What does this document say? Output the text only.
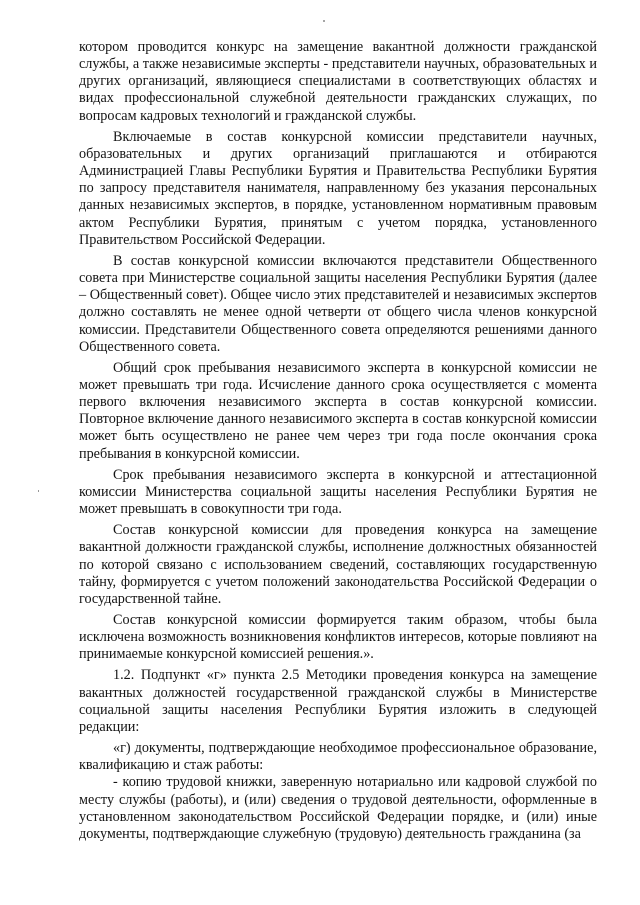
котором проводится конкурс на замещение вакантной должности гражданской службы, а также независимые эксперты - представители научных, образовательных и других организаций, являющиеся специалистами в соответствующих областях и видах профессиональной служебной деятельности гражданских служащих, по вопросам кадровых технологий и гражданской службы.

Включаемые в состав конкурсной комиссии представители научных, образовательных и других организаций приглашаются и отбираются Администрацией Главы Республики Бурятия и Правительства Республики Бурятия по запросу представителя нанимателя, направленному без указания персональных данных независимых экспертов, в порядке, установленном нормативным правовым актом Республики Бурятия, принятым с учетом порядка, установленного Правительством Российской Федерации.

В состав конкурсной комиссии включаются представители Общественного совета при Министерстве социальной защиты населения Республики Бурятия (далее – Общественный совет). Общее число этих представителей и независимых экспертов должно составлять не менее одной четверти от общего числа членов конкурсной комиссии. Представители Общественного совета определяются решениями данного Общественного совета.

Общий срок пребывания независимого эксперта в конкурсной комиссии не может превышать три года. Исчисление данного срока осуществляется с момента первого включения независимого эксперта в состав конкурсной комиссии. Повторное включение данного независимого эксперта в состав конкурсной комиссии может быть осуществлено не ранее чем через три года после окончания срока пребывания в конкурсной комиссии.

Срок пребывания независимого эксперта в конкурсной и аттестационной комиссии Министерства социальной защиты населения Республики Бурятия не может превышать в совокупности три года.

Состав конкурсной комиссии для проведения конкурса на замещение вакантной должности гражданской службы, исполнение должностных обязанностей по которой связано с использованием сведений, составляющих государственную тайну, формируется с учетом положений законодательства Российской Федерации о государственной тайне.

Состав конкурсной комиссии формируется таким образом, чтобы была исключена возможность возникновения конфликтов интересов, которые повлияют на принимаемые конкурсной комиссией решения.».

1.2. Подпункт «г» пункта 2.5 Методики проведения конкурса на замещение вакантных должностей государственной гражданской службы в Министерстве социальной защиты населения Республики Бурятия изложить в следующей редакции:

«г) документы, подтверждающие необходимое профессиональное образование, квалификацию и стаж работы:

- копию трудовой книжки, заверенную нотариально или кадровой службой по месту службы (работы), и (или) сведения о трудовой деятельности, оформленные в установленном законодательством Российской Федерации порядке, и (или) иные документы, подтверждающие служебную (трудовую) деятельность гражданина (за
